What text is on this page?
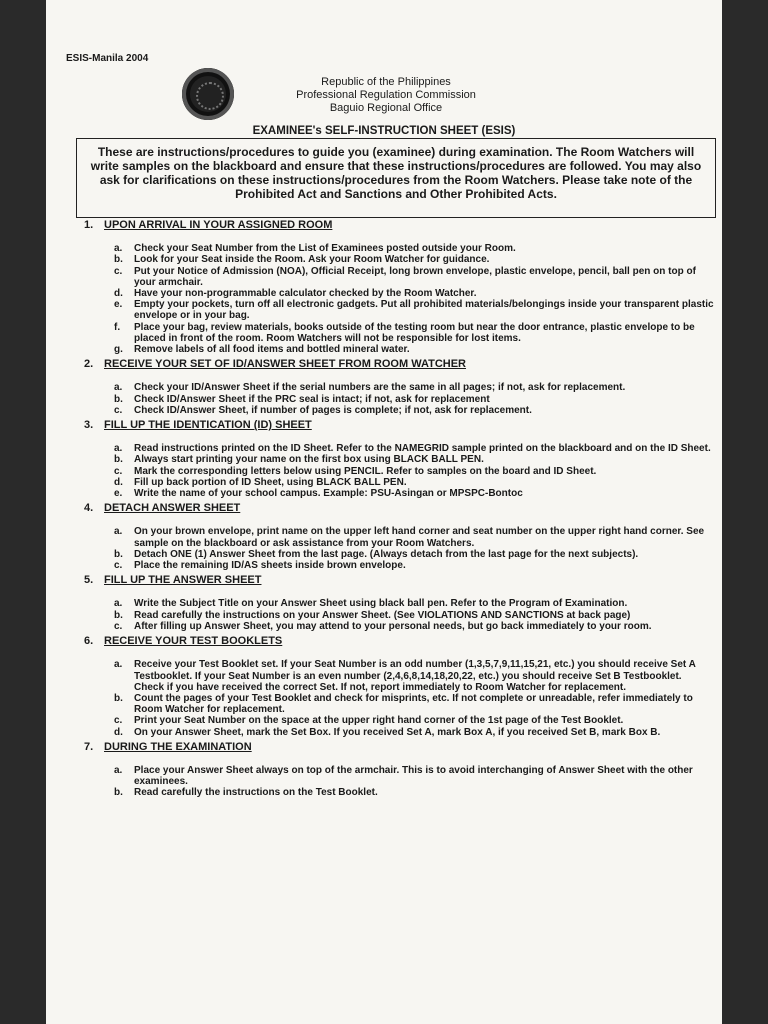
ESIS-Manila 2004
Republic of the Philippines
Professional Regulation Commission
Baguio Regional Office
EXAMINEE's SELF-INSTRUCTION SHEET (ESIS)
These are instructions/procedures to guide you (examinee) during examination. The Room Watchers will write samples on the blackboard and ensure that these instructions/procedures are followed. You may also ask for clarifications on these instructions/procedures from the Room Watchers. Please take note of the Prohibited Act and Sanctions and Other Prohibited Acts.
1. UPON ARRIVAL IN YOUR ASSIGNED ROOM
a.	Check your Seat Number from the List of Examinees posted outside your Room.
b.	Look for your Seat inside the Room. Ask your Room Watcher for guidance.
c.	Put your Notice of Admission (NOA), Official Receipt, long brown envelope, plastic envelope, pencil, ball pen on top of your armchair.
d.	Have your non-programmable calculator checked by the Room Watcher.
e.	Empty your pockets, turn off all electronic gadgets. Put all prohibited materials/belongings inside your transparent plastic envelope or in your bag.
f.	Place your bag, review materials, books outside of the testing room but near the door entrance, plastic envelope to be placed in front of the room. Room Watchers will not be responsible for lost items.
g.	Remove labels of all food items and bottled mineral water.
2. RECEIVE YOUR SET OF ID/ANSWER SHEET FROM ROOM WATCHER
a.	Check your ID/Answer Sheet if the serial numbers are the same in all pages; if not, ask for replacement.
b.	Check ID/Answer Sheet if the PRC seal is intact; if not, ask for replacement
c.	Check ID/Answer Sheet, if number of pages is complete; if not, ask for replacement.
3. FILL UP THE IDENTICATION (ID) SHEET
a.	Read instructions printed on the ID Sheet. Refer to the NAMEGRID sample printed on the blackboard and on the ID Sheet.
b.	Always start printing your name on the first box using BLACK BALL PEN.
c.	Mark the corresponding letters below using PENCIL. Refer to samples on the board and ID Sheet.
d.	Fill up back portion of ID Sheet, using BLACK BALL PEN.
e.	Write the name of your school campus. Example: PSU-Asingan or MPSPC-Bontoc
4. DETACH ANSWER SHEET
a.	On your brown envelope, print name on the upper left hand corner and seat number on the upper right hand corner. See sample on the blackboard or ask assistance from your Room Watchers.
b.	Detach ONE (1) Answer Sheet from the last page. (Always detach from the last page for the next subjects).
c.	Place the remaining ID/AS sheets inside brown envelope.
5. FILL UP THE ANSWER SHEET
a.	Write the Subject Title on your Answer Sheet using black ball pen. Refer to the Program of Examination.
b.	Read carefully the instructions on your Answer Sheet. (See VIOLATIONS AND SANCTIONS at back page)
c.	After filling up Answer Sheet, you may attend to your personal needs, but go back immediately to your room.
6. RECEIVE YOUR TEST BOOKLETS
a.	Receive your Test Booklet set. If your Seat Number is an odd number (1,3,5,7,9,11,15,21, etc.) you should receive Set A Testbooklet. If your Seat Number is an even number (2,4,6,8,14,18,20,22, etc.) you should receive Set B Testbooklet. Check if you have received the correct Set. If not, report immediately to Room Watcher for replacement.
b.	Count the pages of your Test Booklet and check for misprints, etc. If not complete or unreadable, refer immediately to Room Watcher for replacement.
c.	Print your Seat Number on the space at the upper right hand corner of the 1st page of the Test Booklet.
d.	On your Answer Sheet, mark the Set Box. If you received Set A, mark Box A, if you received Set B, mark Box B.
7. DURING THE EXAMINATION
a.	Place your Answer Sheet always on top of the armchair. This is to avoid interchanging of Answer Sheet with the other examinees.
b.	Read carefully the instructions on the Test Booklet.
